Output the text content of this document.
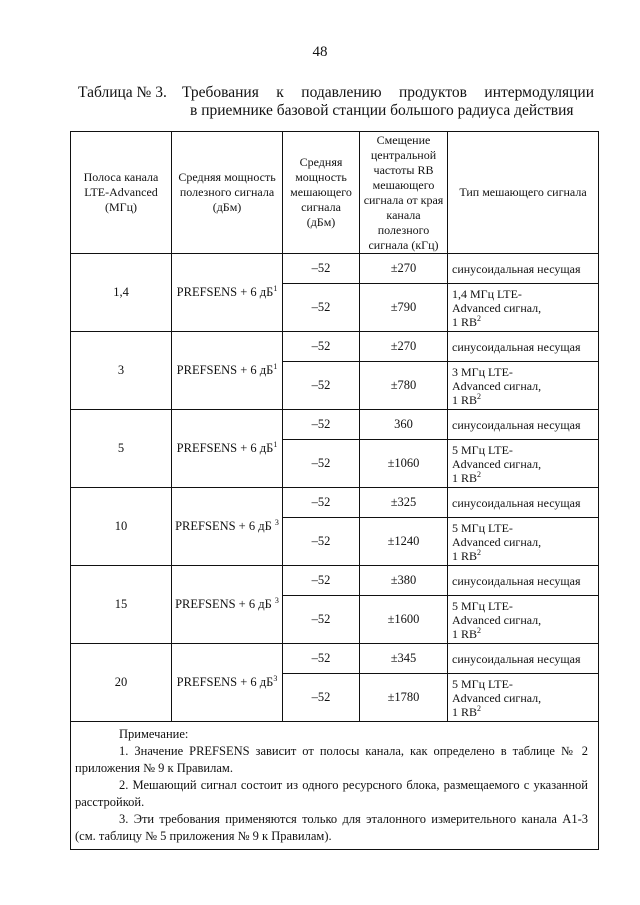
48
Таблица № 3. Требования к подавлению продуктов интермодуляции
в приемнике базовой станции большого радиуса действия
Полоса канала LTE-Advanced (МГц)	Средняя мощность полезного сигнала (дБм)	Средняя мощность мешающего сигнала (дБм)	Смещение центральной частоты RB мешающего сигнала от края канала полезного сигнала (кГц)	Тип мешающего сигнала
1,4	PREFSENS + 6 $дБ^1$	–52	±270	синусоидальная несущая
		–52	±790	1,4 МГц LTE-
Advanced сигнал,
1 $RB^2$
3	PREFSENS + 6 $дБ^1$	–52	±270	синусоидальная несущая
		–52	±780	3 МГц LTE-
Advanced сигнал,
1 $RB^2$
5	PREFSENS + 6 $дБ^1$	–52	360	синусоидальная несущая
		–52	±1060	5 МГц LTE-
Advanced сигнал,
1 $RB^2$
10	PREFSENS + 6 дБ $^3$	–52	±325	синусоидальная несущая
		–52	±1240	5 МГц LTE-
Advanced сигнал,
1 $RB^2$
15	PREFSENS + 6 дБ $^3$	–52	±380	синусоидальная несущая
		–52	±1600	5 МГц LTE-
Advanced сигнал,
1 $RB^2$
20	PREFSENS + 6 $дБ^3$	–52	±345	синусоидальная несущая
		–52	±1780	5 МГц LTE-
Advanced сигнал,
1 $RB^2$

Примечание:
1. Значение PREFSENS зависит от полосы канала, как определено в таблице № 2 приложения № 9 к Правилам.
2. Мешающий сигнал состоит из одного ресурсного блока, размещаемого с указанной расстройкой.
3. Эти требования применяются только для эталонного измерительного канала А1-3 (см. таблицу № 5 приложения № 9 к Правилам).				
